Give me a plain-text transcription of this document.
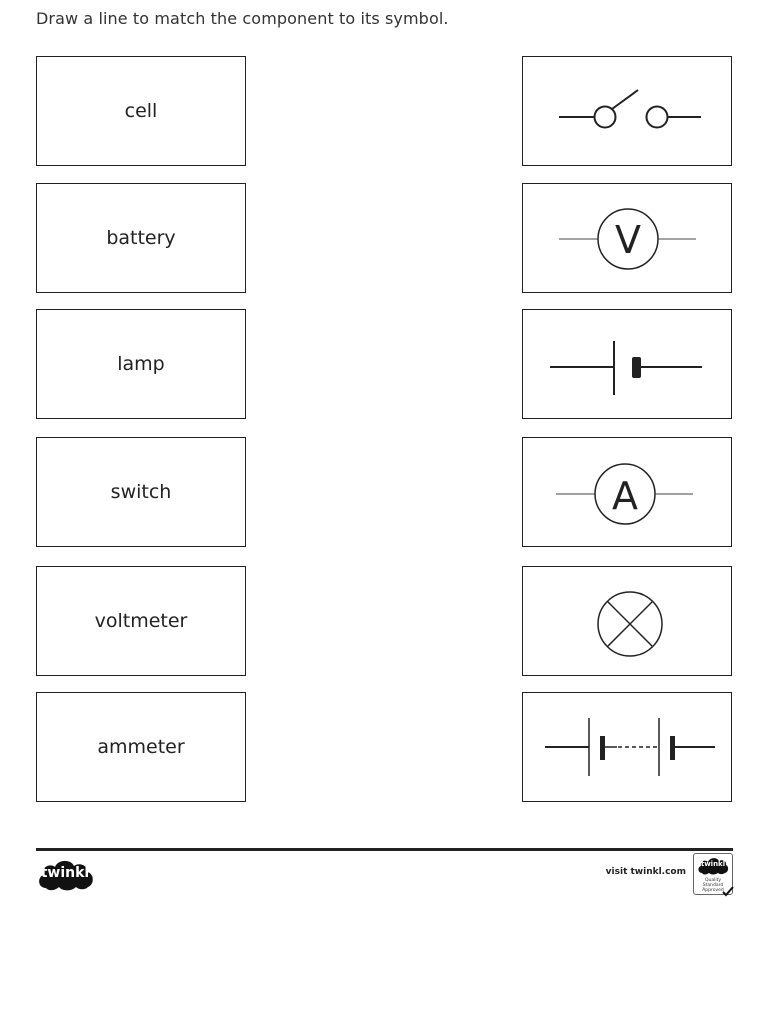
Draw a line to match the component to its symbol.
cell
battery
lamp
switch
voltmeter
ammeter
V
A
twinkl	visit twinkl.com
twinkl
Quality Standard
Approved
